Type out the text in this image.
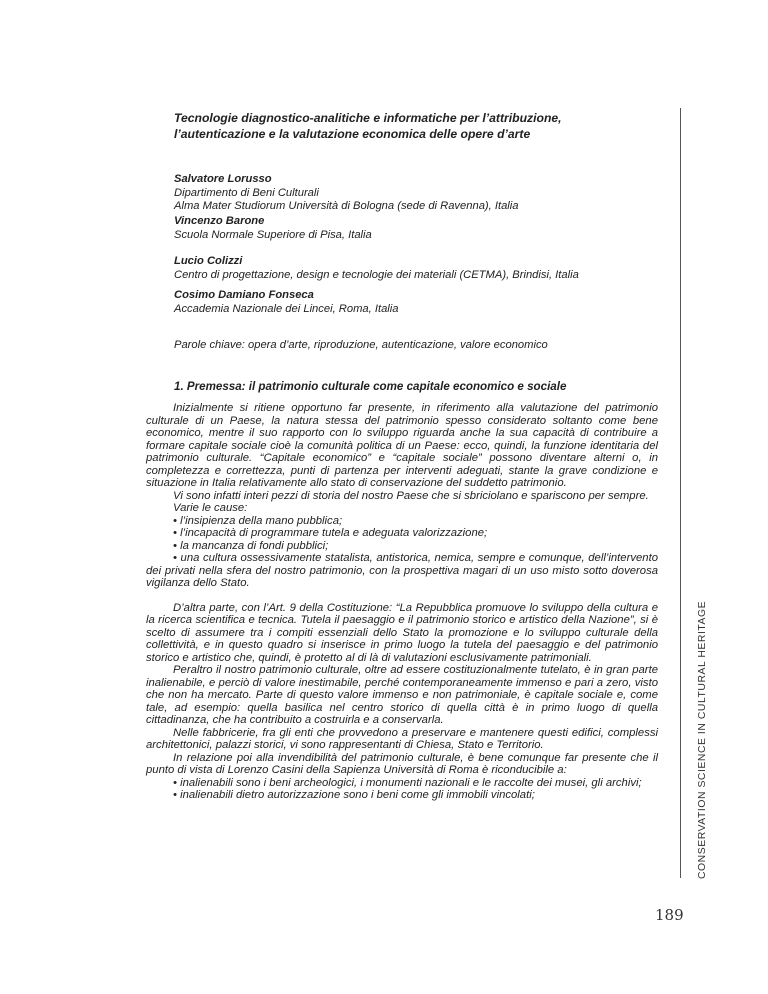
Tecnologie diagnostico-analitiche e informatiche per l’attribuzione, l’autenticazione e la valutazione economica delle opere d’arte
Salvatore Lorusso
Dipartimento di Beni Culturali
Alma Mater Studiorum Università di Bologna (sede di Ravenna), Italia
Vincenzo Barone
Scuola Normale Superiore di Pisa, Italia
Lucio Colizzi
Centro di progettazione, design e tecnologie dei materiali (CETMA), Brindisi, Italia
Cosimo Damiano Fonseca
Accademia Nazionale dei Lincei, Roma, Italia
Parole chiave: opera d’arte, riproduzione, autenticazione, valore economico
1. Premessa: il patrimonio culturale come capitale economico e sociale

Inizialmente si ritiene opportuno far presente, in riferimento alla valutazione del patrimonio culturale di un Paese, la natura stessa del patrimonio spesso considerato soltanto come bene economico, mentre il suo rapporto con lo sviluppo riguarda anche la sua capacità di contribuire a formare capitale sociale cioè la comunità politica di un Paese: ecco, quindi, la funzione identitaria del patrimonio culturale. “Capitale economico” e “capitale sociale” possono diventare alterni o, in completezza e correttezza, punti di partenza per interventi adeguati, stante la grave condizione e situazione in Italia relativamente allo stato di conservazione del suddetto patrimonio.

Vi sono infatti interi pezzi di storia del nostro Paese che si sbriciolano e spariscono per sempre.

Varie le cause:

• l’insipienza della mano pubblica;

• l’incapacità di programmare tutela e adeguata valorizzazione;

• la mancanza di fondi pubblici;

• una cultura ossessivamente statalista, antistorica, nemica, sempre e comunque, dell’intervento dei privati nella sfera del nostro patrimonio, con la prospettiva magari di un uso misto sotto doverosa vigilanza dello Stato.

D’altra parte, con l’Art. 9 della Costituzione: “La Repubblica promuove lo sviluppo della cultura e la ricerca scientifica e tecnica. Tutela il paesaggio e il patrimonio storico e artistico della Nazione”, si è scelto di assumere tra i compiti essenziali dello Stato la promozione e lo sviluppo culturale della collettività, e in questo quadro si inserisce in primo luogo la tutela del paesaggio e del patrimonio storico e artistico che, quindi, è protetto al di là di valutazioni esclusivamente patrimoniali.

Peraltro il nostro patrimonio culturale, oltre ad essere costituzionalmente tutelato, è in gran parte inalienabile, e perciò di valore inestimabile, perché contemporaneamente immenso e pari a zero, visto che non ha mercato. Parte di questo valore immenso e non patrimoniale, è capitale sociale e, come tale, ad esempio: quella basilica nel centro storico di quella città è in primo luogo di quella cittadinanza, che ha contribuito a costruirla e a conservarla.

Nelle fabbricerie, fra gli enti che provvedono a preservare e mantenere questi edifici, complessi architettonici, palazzi storici, vi sono rappresentanti di Chiesa, Stato e Territorio.

In relazione poi alla invendibilità del patrimonio culturale, è bene comunque far presente che il punto di vista di Lorenzo Casini della Sapienza Università di Roma è riconducibile a:

• inalienabili sono i beni archeologici, i monumenti nazionali e le raccolte dei musei, gli archivi;

• inalienabili dietro autorizzazione sono i beni come gli immobili vincolati;	CONSERVATION SCIENCE IN CULTURAL HERITAGE
189
